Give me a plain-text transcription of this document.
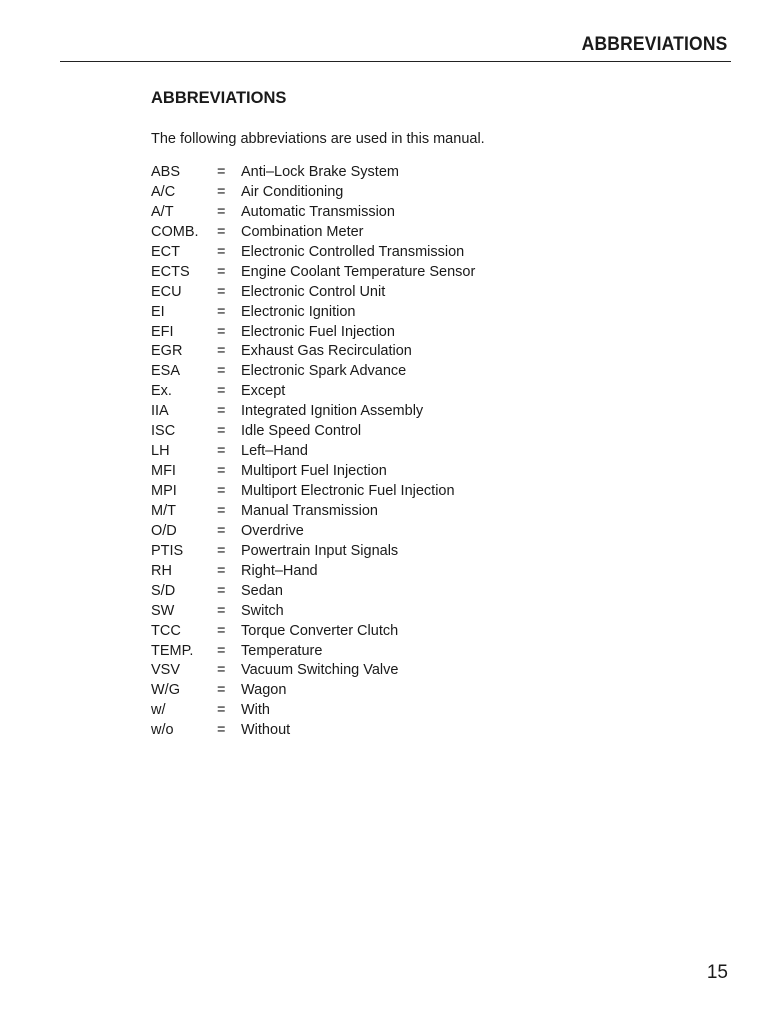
ABBREVIATIONS
ABBREVIATIONS
The following abbreviations are used in this manual.
ABS	=	Anti–Lock Brake System
A/C	=	Air Conditioning
A/T	=	Automatic Transmission
COMB.	=	Combination Meter
ECT	=	Electronic Controlled Transmission
ECTS	=	Engine Coolant Temperature Sensor
ECU	=	Electronic Control Unit
EI	=	Electronic Ignition
EFI	=	Electronic Fuel Injection
EGR	=	Exhaust Gas Recirculation
ESA	=	Electronic Spark Advance
Ex.	=	Except
IIA	=	Integrated Ignition Assembly
ISC	=	Idle Speed Control
LH	=	Left–Hand
MFI	=	Multiport Fuel Injection
MPI	=	Multiport Electronic Fuel Injection
M/T	=	Manual Transmission
O/D	=	Overdrive
PTIS	=	Powertrain Input Signals
RH	=	Right–Hand
S/D	=	Sedan
SW	=	Switch
TCC	=	Torque Converter Clutch
TEMP.	=	Temperature
VSV	=	Vacuum Switching Valve
W/G	=	Wagon
w/	=	With
w/o	=	Without
15
